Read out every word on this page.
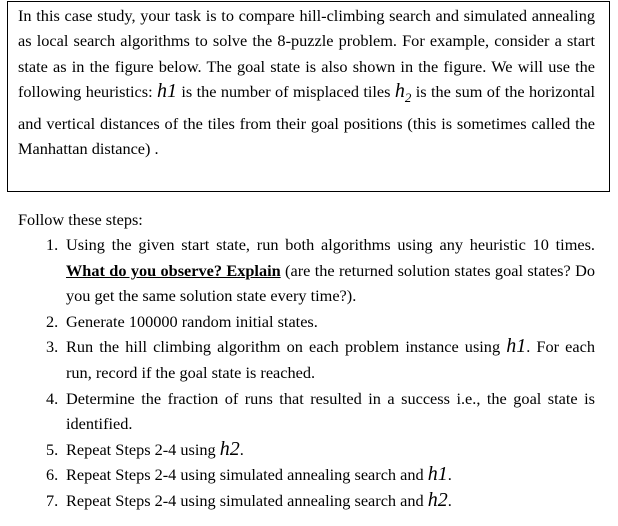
In this case study, your task is to compare hill-climbing search and simulated annealing as local search algorithms to solve the 8-puzzle problem. For example, consider a start state as in the figure below. The goal state is also shown in the figure. We will use the following heuristics: h1 is the number of misplaced tiles $h_2$ is the sum of the horizontal and vertical distances of the tiles from their goal positions (this is sometimes called the Manhattan distance) .

Follow these steps:

1. Using the given start state, run both algorithms using any heuristic 10 times. What do you observe? Explain (are the returned solution states goal states? Do you get the same solution state every time?).
2. Generate 100000 random initial states.
3. Run the hill climbing algorithm on each problem instance using h1. For each run, record if the goal state is reached.
4. Determine the fraction of runs that resulted in a success i.e., the goal state is identified.
5. Repeat Steps 2-4 using h2.
6. Repeat Steps 2-4 using simulated annealing search and h1.
7. Repeat Steps 2-4 using simulated annealing search and h2.
